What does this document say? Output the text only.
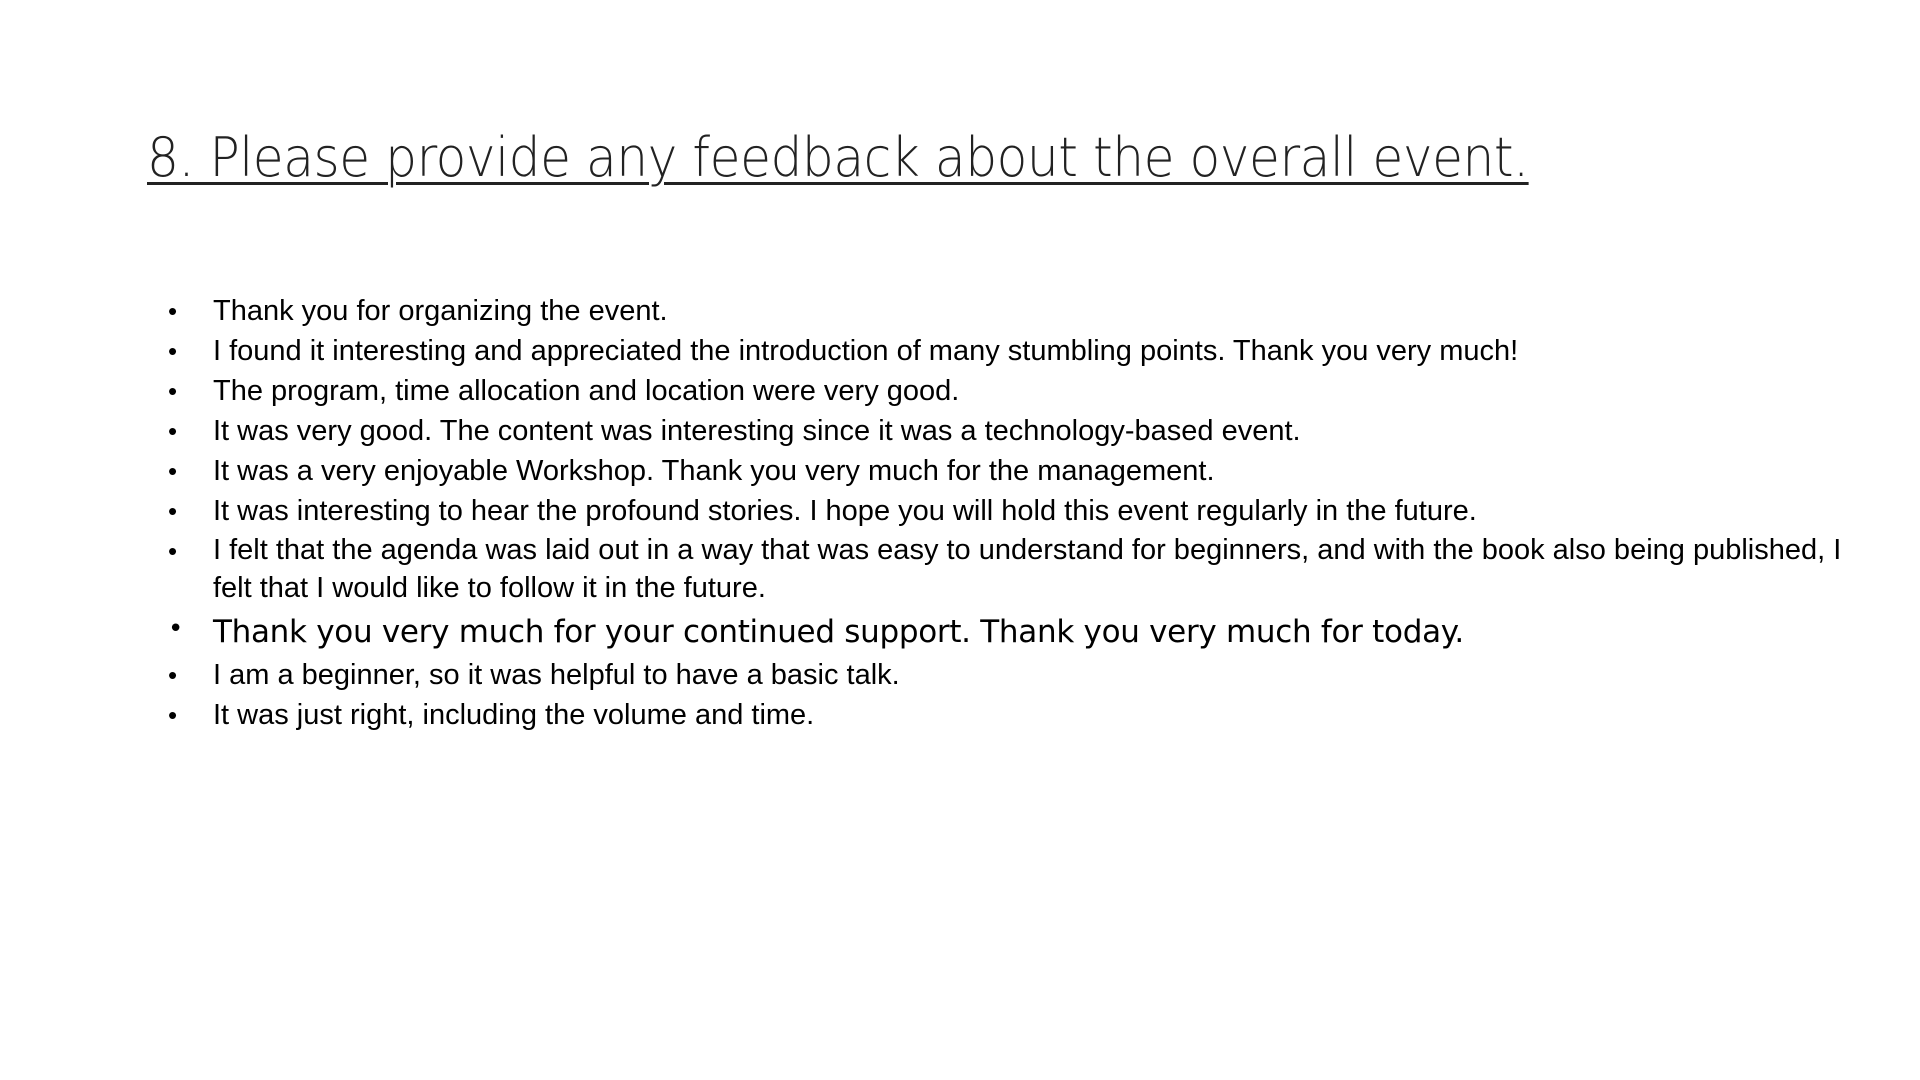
8. Please provide any feedback about the overall event.
• Thank you for organizing the event.
• I found it interesting and appreciated the introduction of many stumbling points. Thank you very much!
• The program, time allocation and location were very good.
• It was very good. The content was interesting since it was a technology-based event.
• It was a very enjoyable Workshop. Thank you very much for the management.
• It was interesting to hear the profound stories. I hope you will hold this event regularly in the future.
• I felt that the agenda was laid out in a way that was easy to understand for beginners, and with the book also being published, I felt that I would like to follow it in the future.
• Thank you very much for your continued support. Thank you very much for today.
• I am a beginner, so it was helpful to have a basic talk.
• It was just right, including the volume and time.
